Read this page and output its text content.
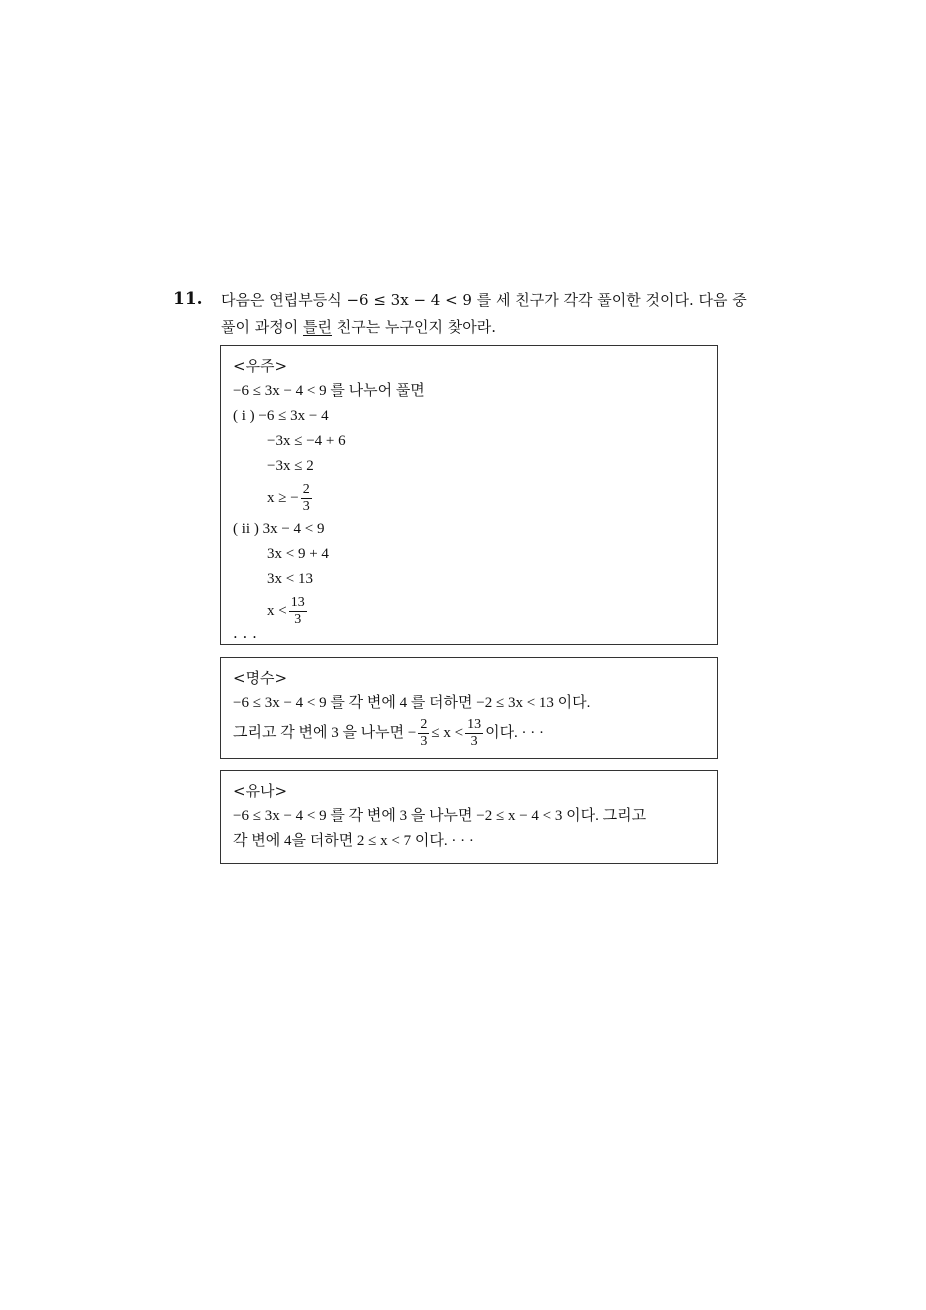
11. 다음은 연립부등식 −6 ≤ 3x − 4 < 9 를 세 친구가 각각 풀이한 것이다. 다음 중
풀이 과정이 틀린 친구는 누구인지 찾아라.
<우주>
−6 ≤ 3x − 4 < 9 를 나누어 풀면
( i ) −6 ≤ 3x − 4
−3x ≤ −4 + 6
−3x ≤ 2
x ≥ − $\frac{2}{3}$
( ii ) 3x − 4 < 9
3x < 9 + 4
3x < 13
$x < \frac{13}{3}$
· · ·
<명수>
−6 ≤ 3x − 4 < 9 를 각 변에 4 를 더하면 −2 ≤ 3x < 13 이다.
그리고 각 변에 3 을 나누면 − $\frac{2}{3} \le x < \frac{13}{3}$ 이다. · · ·
<유나>
−6 ≤ 3x − 4 < 9 를 각 변에 3 을 나누면 −2 ≤ x − 4 < 3 이다. 그리고
각 변에 4을 더하면 2 ≤ x < 7 이다. · · ·
